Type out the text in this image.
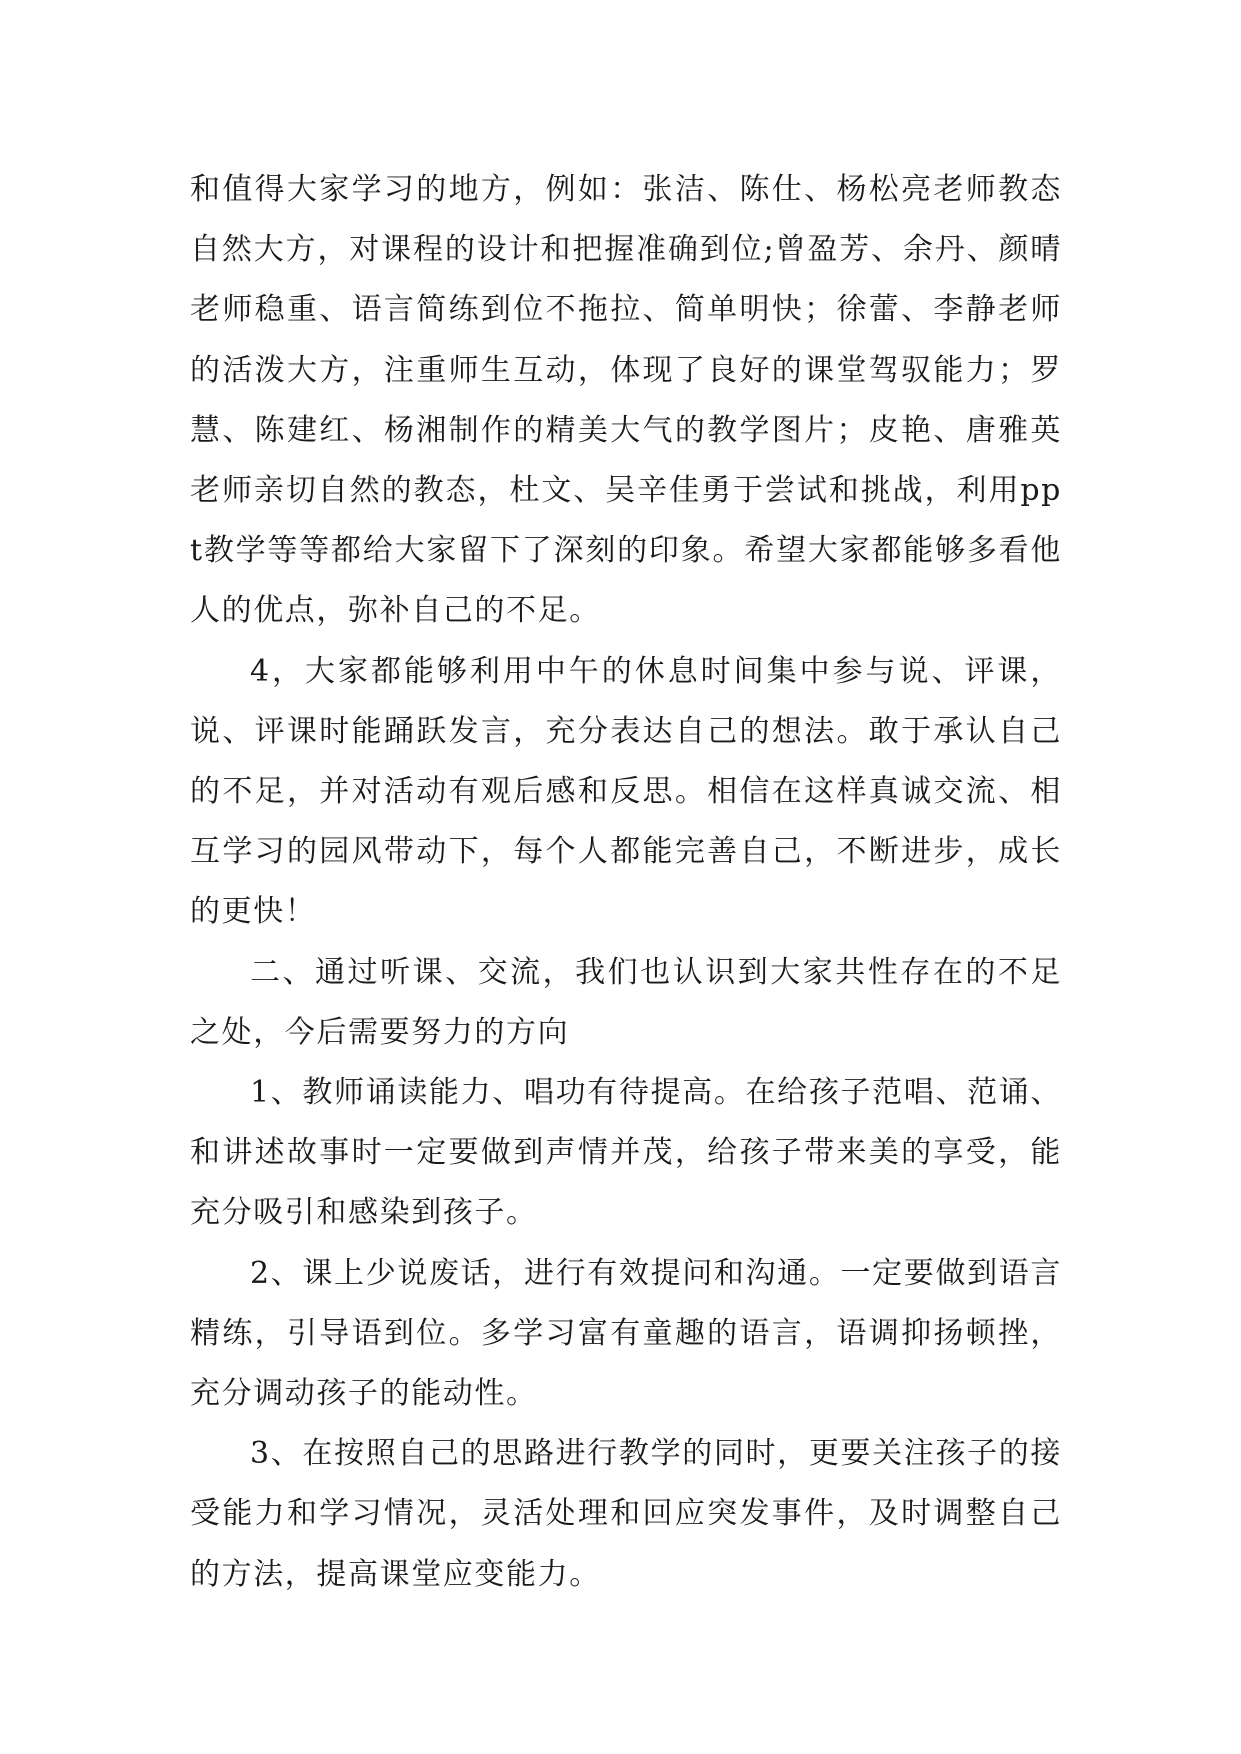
和值得大家学习的地方，例如：张洁、陈仕、杨松亮老师教态自然大方，对课程的设计和把握准确到位;曾盈芳、余丹、颜晴老师稳重、语言简练到位不拖拉、简单明快；徐蕾、李静老师的活泼大方，注重师生互动，体现了良好的课堂驾驭能力；罗慧、陈建红、杨湘制作的精美大气的教学图片；皮艳、唐雅英老师亲切自然的教态，杜文、吴辛佳勇于尝试和挑战，利用ppt教学等等都给大家留下了深刻的印象。希望大家都能够多看他人的优点，弥补自己的不足。

4，大家都能够利用中午的休息时间集中参与说、评课，说、评课时能踊跃发言，充分表达自己的想法。敢于承认自己的不足，并对活动有观后感和反思。相信在这样真诚交流、相互学习的园风带动下，每个人都能完善自己，不断进步，成长的更快！

二、通过听课、交流，我们也认识到大家共性存在的不足之处，今后需要努力的方向

1、教师诵读能力、唱功有待提高。在给孩子范唱、范诵、和讲述故事时一定要做到声情并茂，给孩子带来美的享受，能充分吸引和感染到孩子。

2、课上少说废话，进行有效提问和沟通。一定要做到语言精练，引导语到位。多学习富有童趣的语言，语调抑扬顿挫，充分调动孩子的能动性。

3、在按照自己的思路进行教学的同时，更要关注孩子的接受能力和学习情况，灵活处理和回应突发事件，及时调整自己的方法，提高课堂应变能力。
